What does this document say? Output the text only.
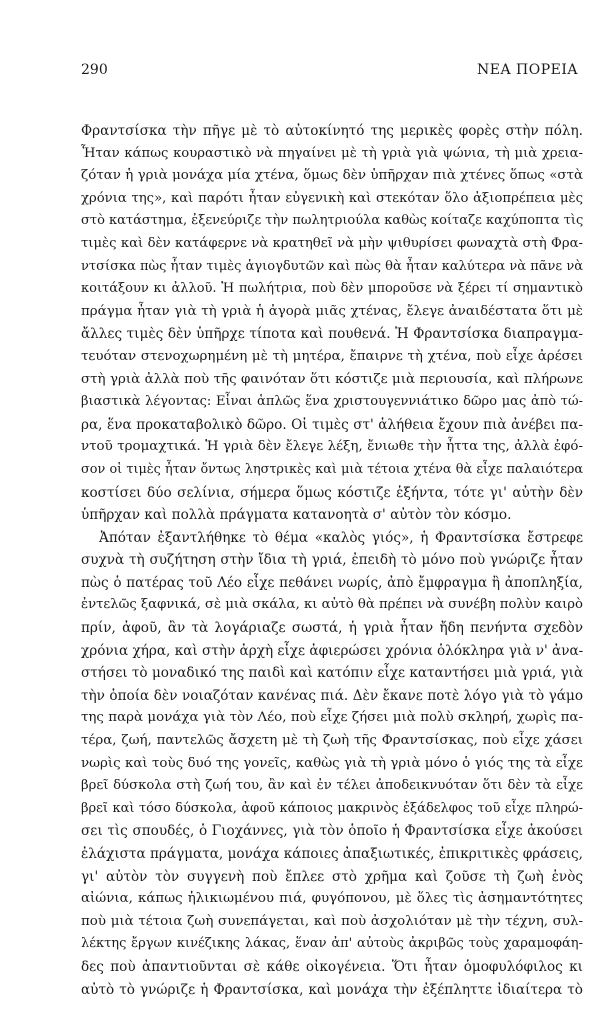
290	ΝΕΑ ΠΟΡΕΙΑ
Φραντσίσκα τὴν πῆγε μὲ τὸ αὐτοκίνητό της μερικὲς φορὲς στὴν πόλη.
Ἦταν κάπως κουραστικὸ νὰ πηγαίνει μὲ τὴ γριὰ γιὰ ψώνια, τὴ μιὰ χρεια-
ζόταν ἡ γριὰ μονάχα μία χτένα, ὅμως δὲν ὑπῆρχαν πιὰ χτένες ὅπως «στὰ
χρόνια της», καὶ παρότι ἦταν εὐγενικὴ καὶ στεκόταν ὅλο ἀξιοπρέπεια μὲς
στὸ κατάστημα, ἐξενεύριζε τὴν πωλητριούλα καθὼς κοίταζε καχύποπτα τὶς
τιμὲς καὶ δὲν κατάφερνε νὰ κρατηθεῖ νὰ μὴν ψιθυρίσει φωναχτὰ στὴ Φρα-
ντσίσκα πὼς ἦταν τιμὲς ἁγιογδυτῶν καὶ πὼς θὰ ἦταν καλύτερα νὰ πᾶνε νὰ
κοιτάξουν κι ἀλλοῦ. Ἡ πωλήτρια, ποὺ δὲν μποροῦσε νὰ ξέρει τί σημαντικὸ
πράγμα ἦταν γιὰ τὴ γριὰ ἡ ἀγορὰ μιᾶς χτένας, ἔλεγε ἀναιδέστατα ὅτι μὲ
ἄλλες τιμὲς δὲν ὑπῆρχε τίποτα καὶ πουθενά. Ἡ Φραντσίσκα διαπραγμα-
τευόταν στενοχωρημένη μὲ τὴ μητέρα, ἔπαιρνε τὴ χτένα, ποὺ εἶχε ἀρέσει
στὴ γριὰ ἀλλὰ ποὺ τῆς φαινόταν ὅτι κόστιζε μιὰ περιουσία, καὶ πλήρωνε
βιαστικὰ λέγοντας: Εἶναι ἁπλῶς ἕνα χριστουγεννιάτικο δῶρο μας ἀπὸ τώ-
ρα, ἕνα προκαταβολικὸ δῶρο. Οἱ τιμὲς στ' ἀλήθεια ἔχουν πιὰ ἀνέβει πα-
ντοῦ τρομαχτικά. Ἡ γριὰ δὲν ἔλεγε λέξη, ἔνιωθε τὴν ἧττα της, ἀλλὰ ἐφό-
σον οἱ τιμὲς ἦταν ὄντως ληστρικὲς καὶ μιὰ τέτοια χτένα θὰ εἶχε παλαιότερα
κοστίσει δύο σελίνια, σήμερα ὅμως κόστιζε ἑξήντα, τότε γι' αὐτὴν δὲν
ὑπῆρχαν καὶ πολλὰ πράγματα κατανοητὰ σ' αὐτὸν τὸν κόσμο.
Ἀπόταν ἐξαντλήθηκε τὸ θέμα «καλὸς γιός», ἡ Φραντσίσκα ἔστρεφε
συχνὰ τὴ συζήτηση στὴν ἴδια τὴ γριά, ἐπειδὴ τὸ μόνο ποὺ γνώριζε ἦταν
πὼς ὁ πατέρας τοῦ Λέο εἶχε πεθάνει νωρίς, ἀπὸ ἔμφραγμα ἢ ἀποπληξία,
ἐντελῶς ξαφνικά, σὲ μιὰ σκάλα, κι αὐτὸ θὰ πρέπει νὰ συνέβη πολὺν καιρὸ
πρίν, ἀφοῦ, ἂν τὰ λογάριαζε σωστά, ἡ γριὰ ἦταν ἤδη πενήντα σχεδὸν
χρόνια χήρα, καὶ στὴν ἀρχὴ εἶχε ἀφιερώσει χρόνια ὁλόκληρα γιὰ ν' ἀνα-
στήσει τὸ μοναδικό της παιδὶ καὶ κατόπιν εἶχε καταντήσει μιὰ γριά, γιὰ
τὴν ὁποία δὲν νοιαζόταν κανένας πιά. Δὲν ἔκανε ποτὲ λόγο γιὰ τὸ γάμο
της παρὰ μονάχα γιὰ τὸν Λέο, ποὺ εἶχε ζήσει μιὰ πολὺ σκληρή, χωρὶς πα-
τέρα, ζωή, παντελῶς ἄσχετη μὲ τὴ ζωὴ τῆς Φραντσίσκας, ποὺ εἶχε χάσει
νωρὶς καὶ τοὺς δυό της γονεῖς, καθὼς γιὰ τὴ γριὰ μόνο ὁ γιός της τὰ εἶχε
βρεῖ δύσκολα στὴ ζωή του, ἂν καὶ ἐν τέλει ἀποδεικνυόταν ὅτι δὲν τὰ εἶχε
βρεῖ καὶ τόσο δύσκολα, ἀφοῦ κάποιος μακρινὸς ἐξάδελφος τοῦ εἶχε πληρώ-
σει τὶς σπουδές, ὁ Γιοχάννες, γιὰ τὸν ὁποῖο ἡ Φραντσίσκα εἶχε ἀκούσει
ἐλάχιστα πράγματα, μονάχα κάποιες ἀπαξιωτικές, ἐπικριτικὲς φράσεις,
γι' αὐτὸν τὸν συγγενὴ ποὺ ἔπλεε στὸ χρῆμα καὶ ζοῦσε τὴ ζωὴ ἑνὸς
αἰώνια, κάπως ἡλικιωμένου πιά, φυγόπονου, μὲ ὅλες τὶς ἀσημαντότητες
ποὺ μιὰ τέτοια ζωὴ συνεπάγεται, καὶ ποὺ ἀσχολιόταν μὲ τὴν τέχνη, συλ-
λέκτης ἔργων κινέζικης λάκας, ἕναν ἀπ' αὐτοὺς ἀκριβῶς τοὺς χαραμοφάη-
δες ποὺ ἀπαντιοῦνται σὲ κάθε οἰκογένεια. Ὅτι ἦταν ὁμοφυλόφιλος κι
αὐτὸ τὸ γνώριζε ἡ Φραντσίσκα, καὶ μονάχα τὴν ἐξέπληττε ἰδιαίτερα τὸ
